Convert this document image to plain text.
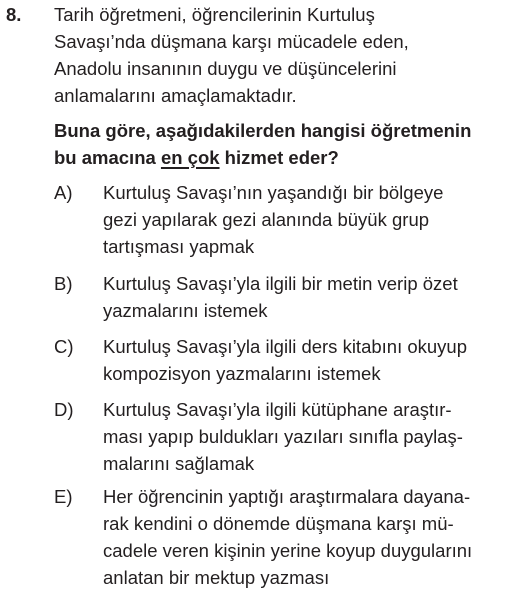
8. Tarih öğretmeni, öğrencilerinin Kurtuluş
Savaşı’nda düşmana karşı mücadele eden,
Anadolu insanının duygu ve düşüncelerini
anlamalarını amaçlamaktadır.
Buna göre, aşağıdakilerden hangisi öğretmenin
bu amacına en çok hizmet eder?
A) Kurtuluş Savaşı’nın yaşandığı bir bölgeye
gezi yapılarak gezi alanında büyük grup
tartışması yapmak
B) Kurtuluş Savaşı’yla ilgili bir metin verip özet
yazmalarını istemek
C) Kurtuluş Savaşı’yla ilgili ders kitabını okuyup
kompozisyon yazmalarını istemek
D) Kurtuluş Savaşı’yla ilgili kütüphane araştır-
ması yapıp buldukları yazıları sınıfla paylaş-
malarını sağlamak
E) Her öğrencinin yaptığı araştırmalara dayana-
rak kendini o dönemde düşmana karşı mü-
cadele veren kişinin yerine koyup duygularını
anlatan bir mektup yazması
